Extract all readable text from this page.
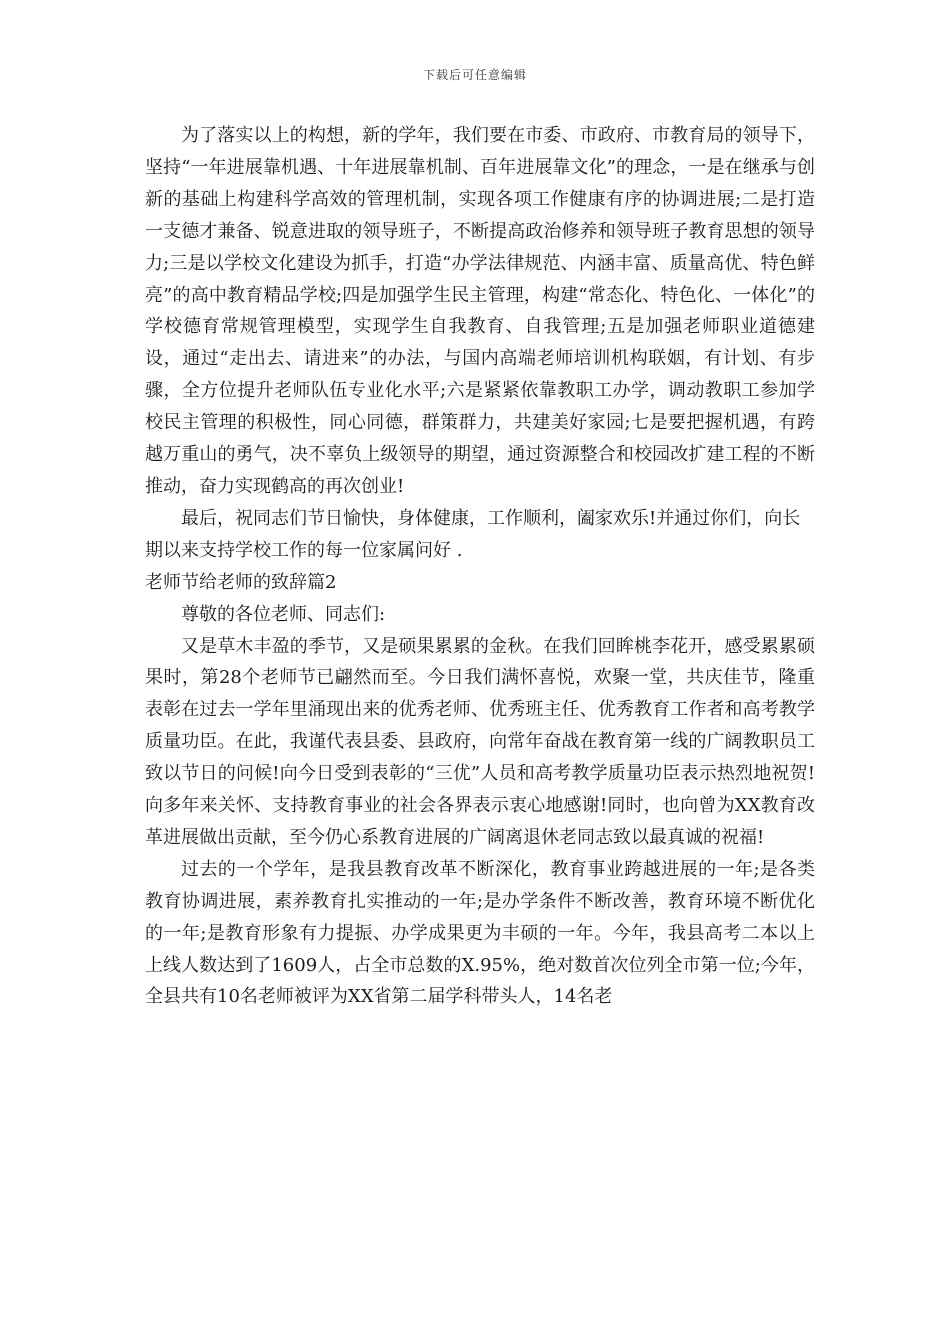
下载后可任意编辑

为了落实以上的构想，新的学年，我们要在市委、市政府、市教育局的领导下，坚持“一年进展靠机遇、十年进展靠机制、百年进展靠文化”的理念，一是在继承与创新的基础上构建科学高效的管理机制，实现各项工作健康有序的协调进展;二是打造一支德才兼备、锐意进取的领导班子，不断提高政治修养和领导班子教育思想的领导力;三是以学校文化建设为抓手，打造“办学法律规范、内涵丰富、质量高优、特色鲜亮”的高中教育精品学校;四是加强学生民主管理，构建“常态化、特色化、一体化”的学校德育常规管理模型，实现学生自我教育、自我管理;五是加强老师职业道德建设，通过“走出去、请进来”的办法，与国内高端老师培训机构联姻，有计划、有步骤，全方位提升老师队伍专业化水平;六是紧紧依靠教职工办学，调动教职工参加学校民主管理的积极性，同心同德，群策群力，共建美好家园;七是要把握机遇，有跨越万重山的勇气，决不辜负上级领导的期望，通过资源整合和校园改扩建工程的不断推动，奋力实现鹤高的再次创业!

最后，祝同志们节日愉快，身体健康，工作顺利，阖家欢乐!并通过你们，向长期以来支持学校工作的每一位家属问好 .

老师节给老师的致辞篇2

尊敬的各位老师、同志们:

又是草木丰盈的季节，又是硕果累累的金秋。在我们回眸桃李花开，感受累累硕果时，第28个老师节已翩然而至。今日我们满怀喜悦，欢聚一堂，共庆佳节，隆重表彰在过去一学年里涌现出来的优秀老师、优秀班主任、优秀教育工作者和高考教学质量功臣。在此，我谨代表县委、县政府，向常年奋战在教育第一线的广阔教职员工致以节日的问候!向今日受到表彰的“三优”人员和高考教学质量功臣表示热烈地祝贺!向多年来关怀、支持教育事业的社会各界表示衷心地感谢!同时，也向曾为XX教育改革进展做出贡献，至今仍心系教育进展的广阔离退休老同志致以最真诚的祝福!

过去的一个学年，是我县教育改革不断深化，教育事业跨越进展的一年;是各类教育协调进展，素养教育扎实推动的一年;是办学条件不断改善，教育环境不断优化的一年;是教育形象有力提振、办学成果更为丰硕的一年。今年，我县高考二本以上上线人数达到了1609人，占全市总数的X.95%，绝对数首次位列全市第一位;今年，全县共有10名老师被评为XX省第二届学科带头人，14名老
